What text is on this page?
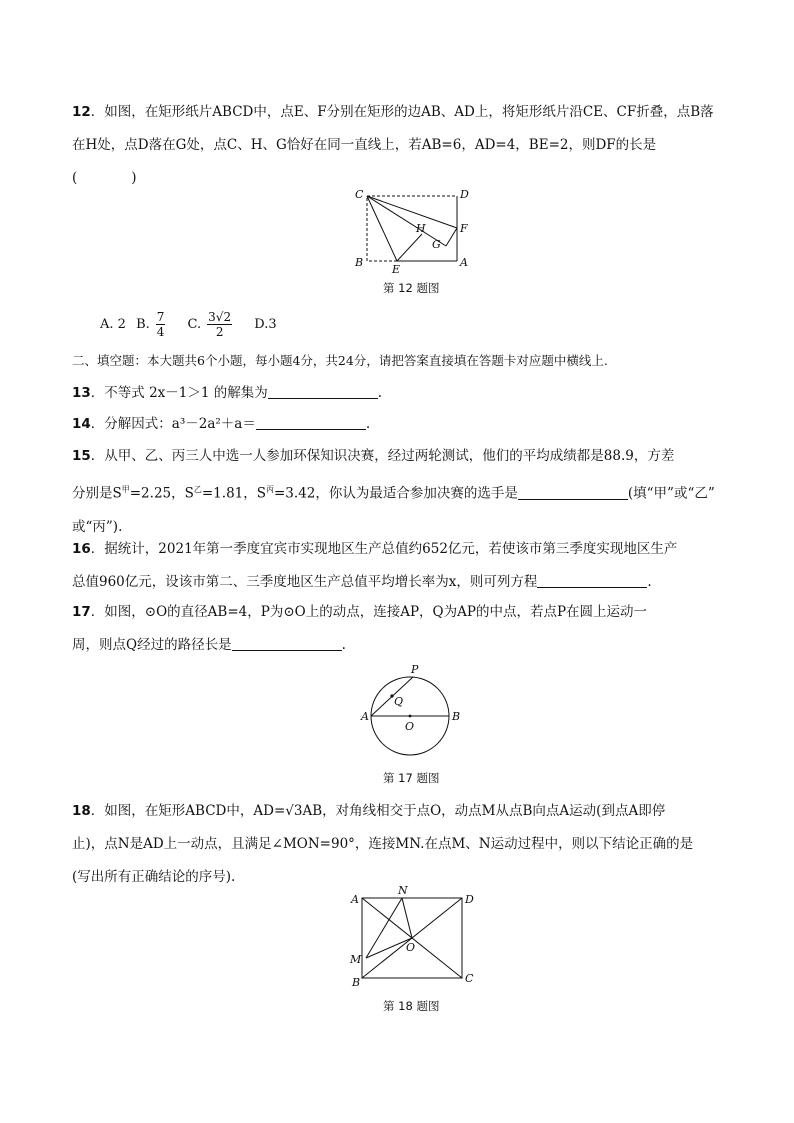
12．如图，在矩形纸片ABCD中，点E、F分别在矩形的边AB、AD上，将矩形纸片沿CE、CF折叠，点B落在H处，点D落在G处，点C、H、G恰好在同一直线上，若AB=6，AD=4，BE=2，则DF的长是(　　　　)
C	D
H
G
F
B
E
A
第 12 题图
A. 2 B. $\frac{7}{4} C$. $\frac{3√2}{2} D.3$
二、填空题：本大题共6个小题，每小题4分，共24分，请把答案直接填在答题卡对应题中横线上.
13．不等式 2x－1＞1 的解集为	.
14．分解因式：a³－2a²＋a＝	.
15．从甲、乙、丙三人中选一人参加环保知识决赛，经过两轮测试，他们的平均成绩都是88.9，方差
分别是$S^甲=2.25$，$S^乙=1.81$，$S^丙=3.42$，你认为最适合参加决赛的选手是	(填“甲”或“乙”
或“丙”).
16．据统计，2021年第一季度宜宾市实现地区生产总值约652亿元，若使该市第三季度实现地区生产
总值960亿元，设该市第二、三季度地区生产总值平均增长率为x，则可列方程	.
17．如图，⊙O的直径AB=4，P为⊙O上的动点，连接AP，Q为AP的中点，若点P在圆上运动一
周，则点Q经过的路径长是	.
P
Q
A	B
O
第 17 题图
18．如图，在矩形ABCD中，AD=√3AB，对角线相交于点O，动点M从点B向点A运动(到点A即停
止)，点N是AD上一动点，且满足∠MON=90°，连接MN.在点M、N运动过程中，则以下结论正确的是
(写出所有正确结论的序号).
N
A	D
M
O
B	C
第 18 题图
